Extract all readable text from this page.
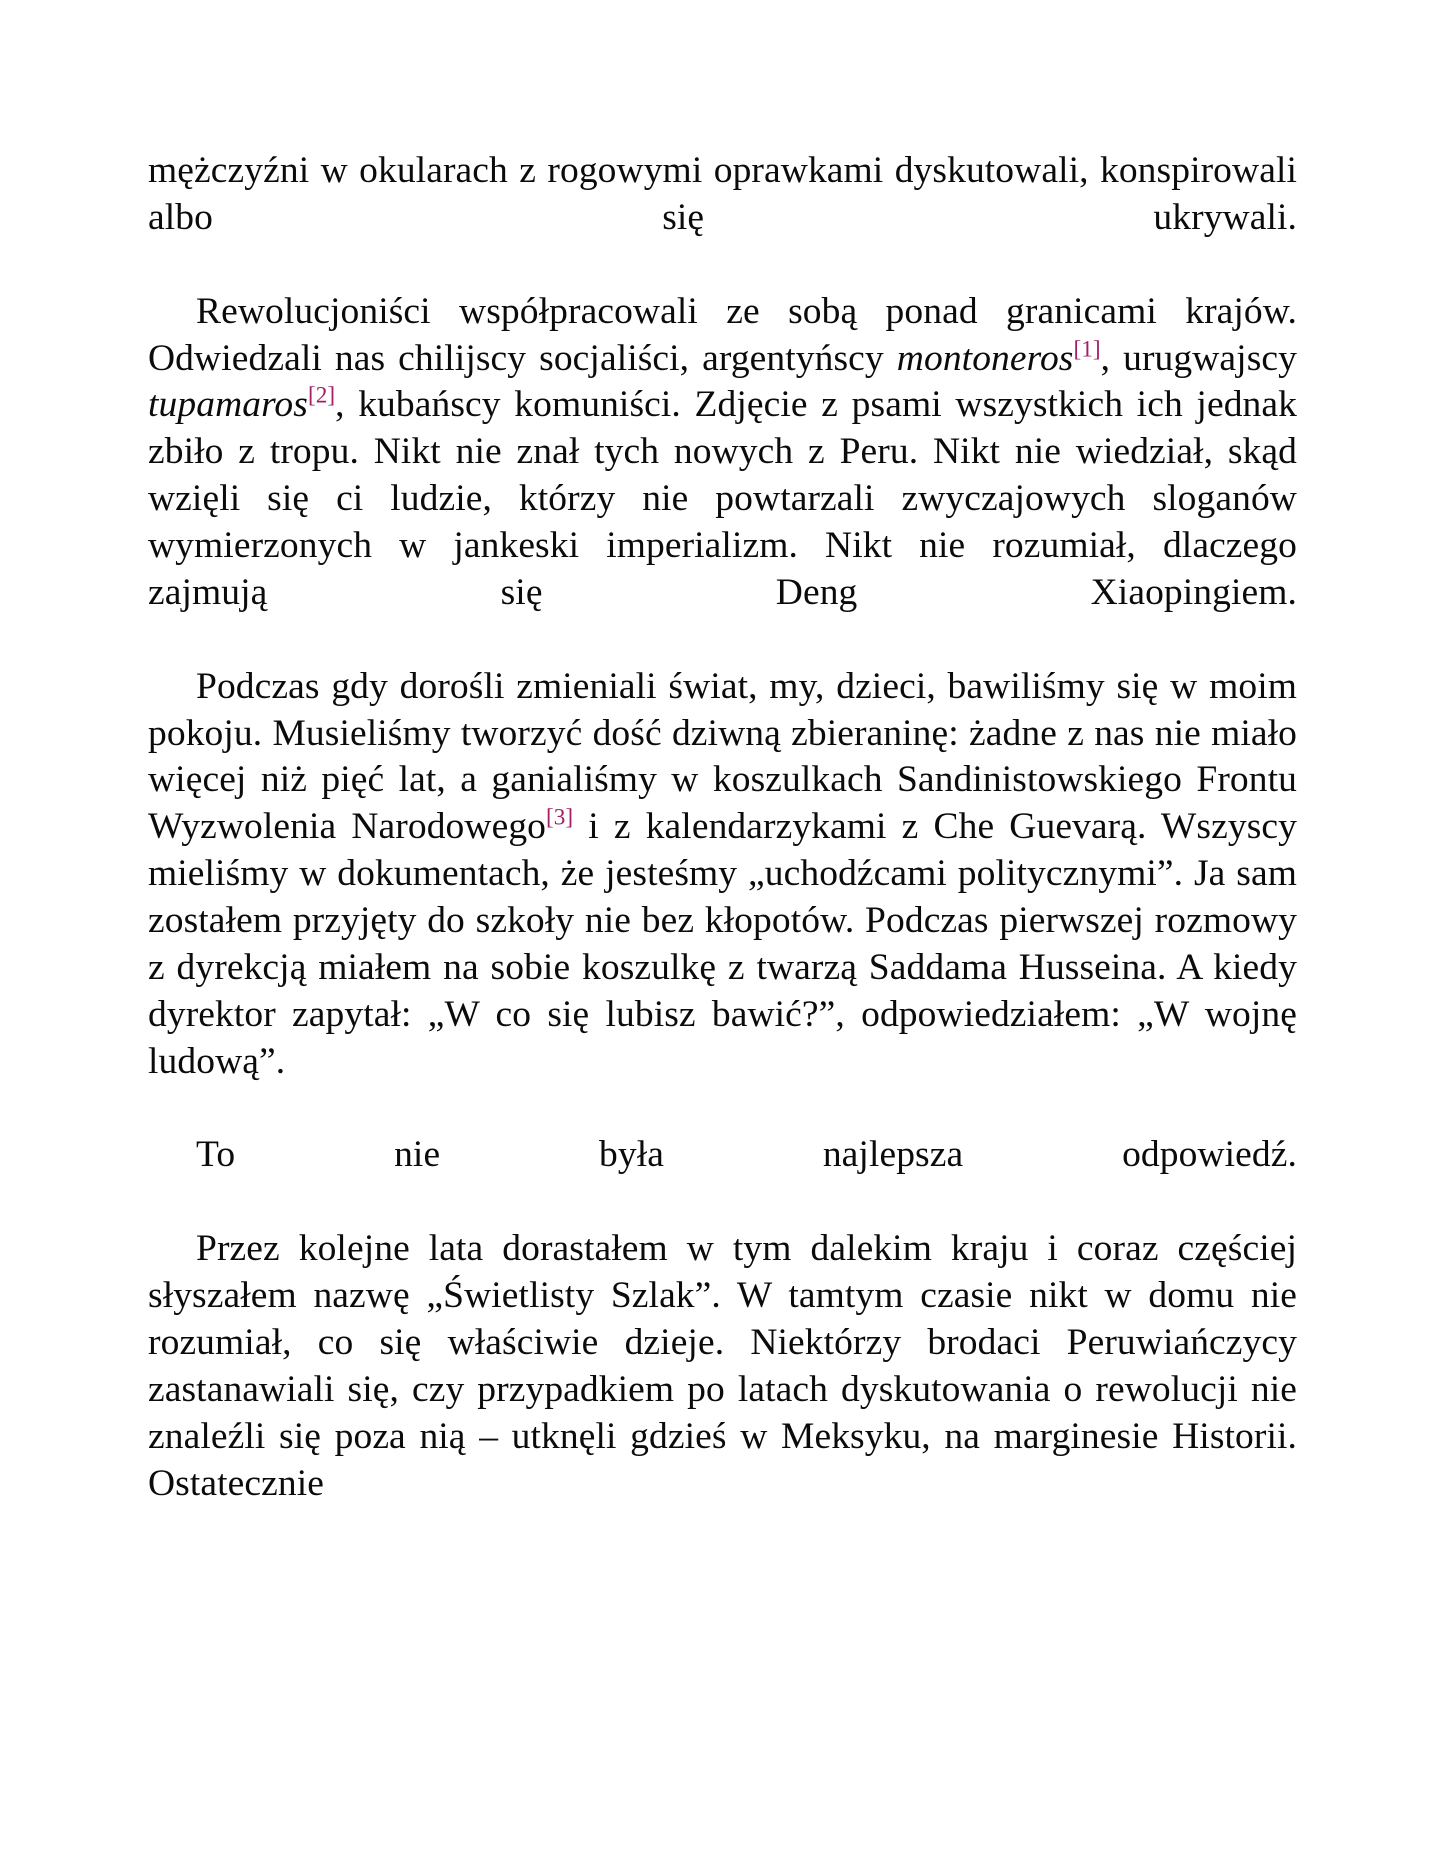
mężczyźni w okularach z rogowymi oprawkami dyskutowali, konspirowali albo się ukrywali.

Rewolucjoniści współpracowali ze sobą ponad granicami krajów. Odwiedzali nas chilijscy socjaliści, argentyńscy montoneros[1], urugwajscy tupamaros[2], kubańscy komuniści. Zdjęcie z psami wszystkich ich jednak zbiło z tropu. Nikt nie znał tych nowych z Peru. Nikt nie wiedział, skąd wzięli się ci ludzie, którzy nie powtarzali zwyczajowych sloganów wymierzonych w jankeski imperializm. Nikt nie rozumiał, dlaczego zajmują się Deng Xiaopingiem.

Podczas gdy dorośli zmieniali świat, my, dzieci, bawiliśmy się w moim pokoju. Musieliśmy tworzyć dość dziwną zbieraninę: żadne z nas nie miało więcej niż pięć lat, a ganialiśmy w koszulkach Sandinistowskiego Frontu Wyzwolenia Narodowego[3] i z kalendarzykami z Che Guevarą. Wszyscy mieliśmy w dokumentach, że jesteśmy „uchodźcami politycznymi”. Ja sam zostałem przyjęty do szkoły nie bez kłopotów. Podczas pierwszej rozmowy z dyrekcją miałem na sobie koszulkę z twarzą Saddama Husseina. A kiedy dyrektor zapytał: „W co się lubisz bawić?”, odpowiedziałem: „W wojnę ludową”.

To nie była najlepsza odpowiedź.

Przez kolejne lata dorastałem w tym dalekim kraju i coraz częściej słyszałem nazwę „Świetlisty Szlak”. W tamtym czasie nikt w domu nie rozumiał, co się właściwie dzieje. Niektórzy brodaci Peruwiańczycy zastanawiali się, czy przypadkiem po latach dyskutowania o rewolucji nie znaleźli się poza nią – utknęli gdzieś w Meksyku, na marginesie Historii. Ostatecznie
